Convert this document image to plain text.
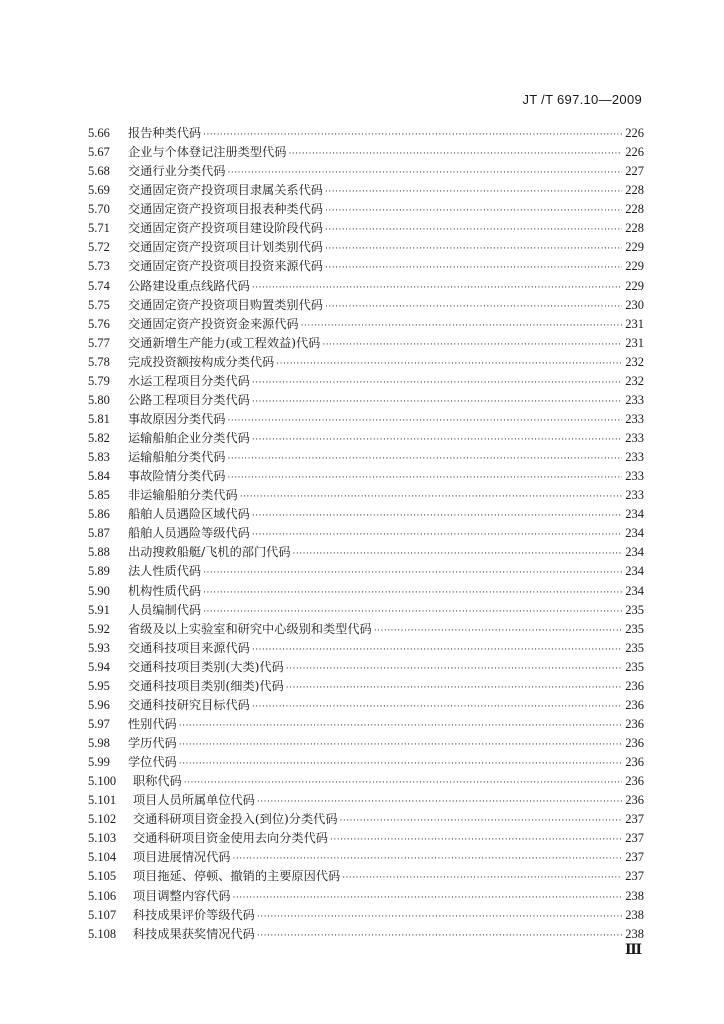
JT /T 697.10—2009
5.66	报告种类代码 ·····	226
5.67	企业与个体登记注册类型代码 ·····	226
5.68	交通行业分类代码 ·····	227
5.69	交通固定资产投资项目隶属关系代码 ·····	228
5.70	交通固定资产投资项目报表种类代码 ·····	228
5.71	交通固定资产投资项目建设阶段代码 ·····	228
5.72	交通固定资产投资项目计划类别代码 ·····	229
5.73	交通固定资产投资项目投资来源代码 ·····	229
5.74	公路建设重点线路代码 ·····	229
5.75	交通固定资产投资项目购置类别代码 ·····	230
5.76	交通固定资产投资资金来源代码 ·····	231
5.77	交通新增生产能力(或工程效益)代码 ·····	231
5.78	完成投资额按构成分类代码 ·····	232
5.79	水运工程项目分类代码 ·····	232
5.80	公路工程项目分类代码 ·····	233
5.81	事故原因分类代码 ·····	233
5.82	运输船舶企业分类代码 ·····	233
5.83	运输船舶分类代码 ·····	233
5.84	事故险情分类代码 ·····	233
5.85	非运输船舶分类代码 ·····	233
5.86	船舶人员遇险区域代码 ·····	234
5.87	船舶人员遇险等级代码 ·····	234
5.88	出动搜救船艇/飞机的部门代码 ·····	234
5.89	法人性质代码 ·····	234
5.90	机构性质代码 ·····	234
5.91	人员编制代码 ·····	235
5.92	省级及以上实验室和研究中心级别和类型代码 ·····	235
5.93	交通科技项目来源代码 ·····	235
5.94	交通科技项目类别(大类)代码 ·····	235
5.95	交通科技项目类别(细类)代码 ·····	236
5.96	交通科技研究目标代码 ·····	236
5.97	性别代码 ·····	236
5.98	学历代码 ·····	236
5.99	学位代码 ·····	236
5.100	职称代码 ·····	236
5.101	项目人员所属单位代码 ·····	236
5.102	交通科研项目资金投入(到位)分类代码 ·····	237
5.103	交通科研项目资金使用去向分类代码 ·····	237
5.104	项目进展情况代码 ·····	237
5.105	项目拖延、停顿、撤销的主要原因代码 ·····	237
5.106	项目调整内容代码 ·····	238
5.107	科技成果评价等级代码 ·····	238
5.108	科技成果获奖情况代码 ·····	238
Ⅲ
